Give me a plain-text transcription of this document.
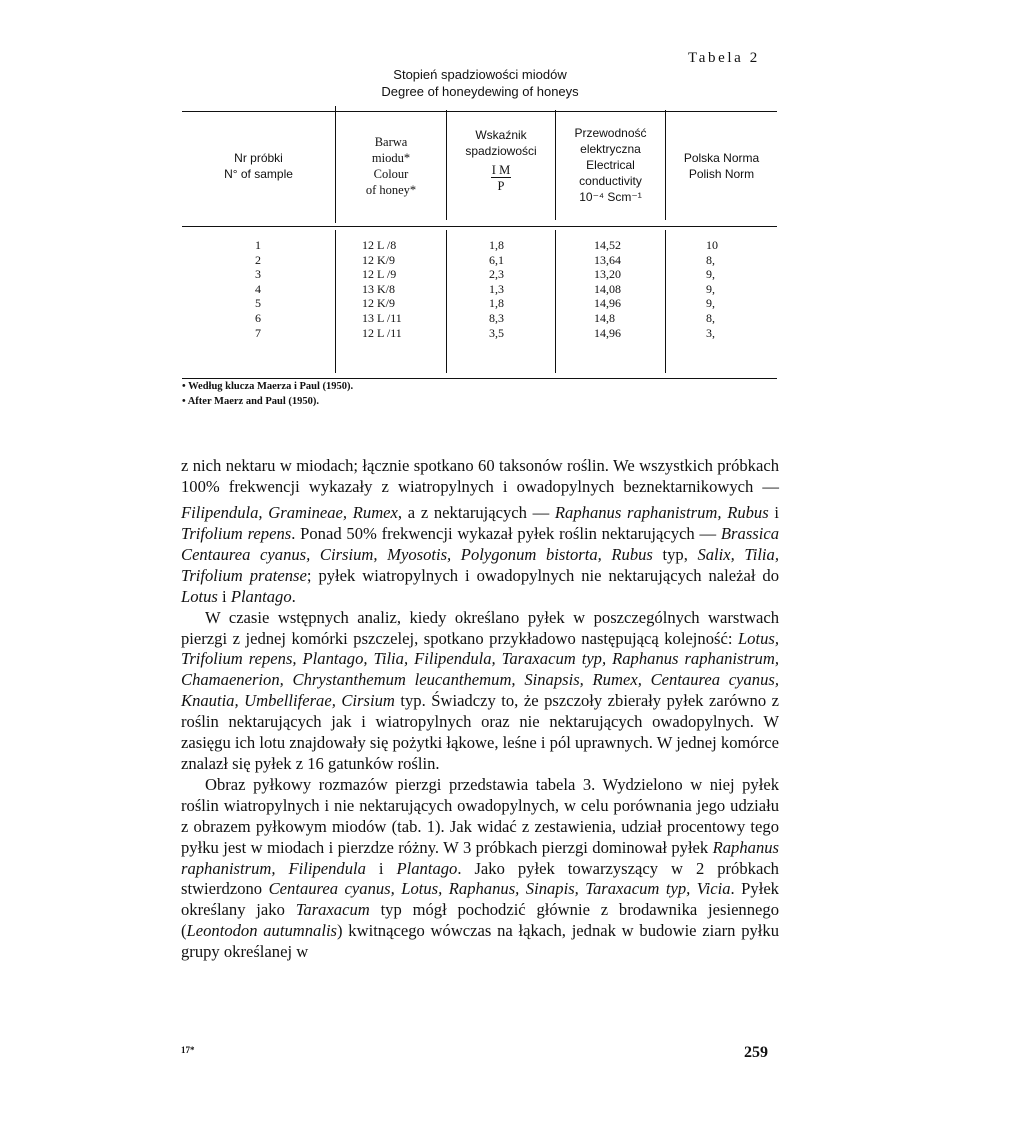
Tabela 2
Stopień spadziowości miodów
Degree of honeydewing of honeys
Nr próbki
N° of sample
Barwa
miodu*
Colour
of honey*
Wskaźnik
spadziowości
I M
P
Przewodność
elektryczna
Electrical
conductivity
10⁻⁴ Scm⁻¹
Polska Norma
Polish Norm
1
2
3
4
5
6
7
12 L /8
12 K/9
12 L /9
13 K/8
12 K/9
13 L /11
12 L /11
1,8
6,1
2,3
1,3
1,8
8,3
3,5
14,52
13,64
13,20
14,08
14,96
14,8
14,96
10
8,
9,
9,
9,
8,
3,
• Według klucza Maerza i Paul (1950).
• After Maerz and Paul (1950).

z nich nektaru w miodach; łącznie spotkano 60 taksonów roślin. We wszystkich próbkach 100% frekwencji wykazały z wiatropylnych i owadopylnych beznektarnikowych — Filipendula, Gramineae, Rumex, a z nektarujących — Raphanus raphanistrum, Rubus i Trifolium repens. Ponad 50% frekwencji wykazał pyłek roślin nektarujących — Brassica Centaurea cyanus, Cirsium, Myosotis, Polygonum bistorta, Rubus typ, Salix, Tilia, Trifolium pratense; pyłek wiatropylnych i owadopylnych nie nektarujących należał do Lotus i Plantago.

W czasie wstępnych analiz, kiedy określano pyłek w poszczególnych warstwach pierzgi z jednej komórki pszczelej, spotkano przykładowo następującą kolejność: Lotus, Trifolium repens, Plantago, Tilia, Filipendula, Taraxacum typ, Raphanus raphanistrum, Chamaenerion, Chrystanthemum leucanthemum, Sinapsis, Rumex, Centaurea cyanus, Knautia, Umbelliferae, Cirsium typ. Świadczy to, że pszczoły zbierały pyłek zarówno z roślin nektarujących jak i wiatropylnych oraz nie nektarujących owadopylnych. W zasięgu ich lotu znajdowały się pożytki łąkowe, leśne i pól uprawnych. W jednej komórce znalazł się pyłek z 16 gatunków roślin.

Obraz pyłkowy rozmazów pierzgi przedstawia tabela 3. Wydzielono w niej pyłek roślin wiatropylnych i nie nektarujących owadopylnych, w celu porównania jego udziału z obrazem pyłkowym miodów (tab. 1). Jak widać z zestawienia, udział procentowy tego pyłku jest w miodach i pierzdze różny. W 3 próbkach pierzgi dominował pyłek Raphanus raphanistrum, Filipendula i Plantago. Jako pyłek towarzyszący w 2 próbkach stwierdzono Centaurea cyanus, Lotus, Raphanus, Sinapis, Taraxacum typ, Vicia. Pyłek określany jako Taraxacum typ mógł pochodzić głównie z brodawnika jesiennego (Leontodon autumnalis) kwitnącego wówczas na łąkach, jednak w budowie ziarn pyłku grupy określanej w

17*	259
